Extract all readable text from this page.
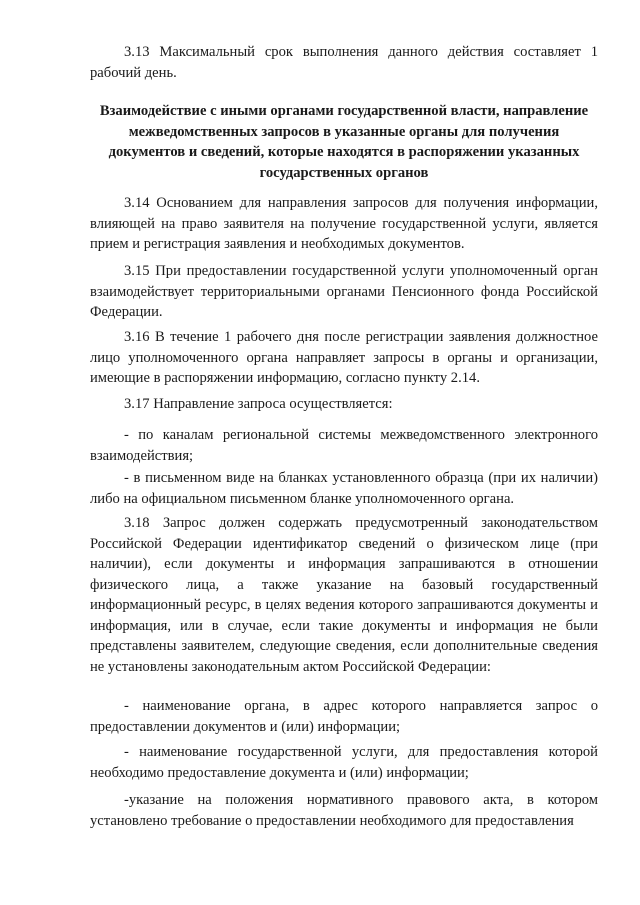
3.13 Максимальный срок выполнения данного действия составляет 1 рабочий день.

Взаимодействие с иными органами государственной власти, направление межведомственных запросов в указанные органы для получения документов и сведений, которые находятся в распоряжении указанных государственных органов

3.14 Основанием для направления запросов для получения информации, влияющей на право заявителя на получение государственной услуги, является прием и регистрация заявления и необходимых документов.

3.15 При предоставлении государственной услуги уполномоченный орган взаимодействует территориальными органами Пенсионного фонда Российской Федерации.

3.16 В течение 1 рабочего дня после регистрации заявления должностное лицо уполномоченного органа направляет запросы в органы и организации, имеющие в распоряжении информацию, согласно пункту 2.14.

3.17 Направление запроса осуществляется:

- по каналам региональной системы межведомственного электронного взаимодействия;

- в письменном виде на бланках установленного образца (при их наличии) либо на официальном письменном бланке уполномоченного органа.

3.18 Запрос должен содержать предусмотренный законодательством Российской Федерации идентификатор сведений о физическом лице (при наличии), если документы и информация запрашиваются в отношении физического лица, а также указание на базовый государственный информационный ресурс, в целях ведения которого запрашиваются документы и информация, или в случае, если такие документы и информация не были представлены заявителем, следующие сведения, если дополнительные сведения не установлены законодательным актом Российской Федерации:

- наименование органа, в адрес которого направляется запрос о предоставлении документов и (или) информации;

- наименование государственной услуги, для предоставления которой необходимо предоставление документа и (или) информации;

-указание на положения нормативного правового акта, в котором установлено требование о предоставлении необходимого для предоставления
